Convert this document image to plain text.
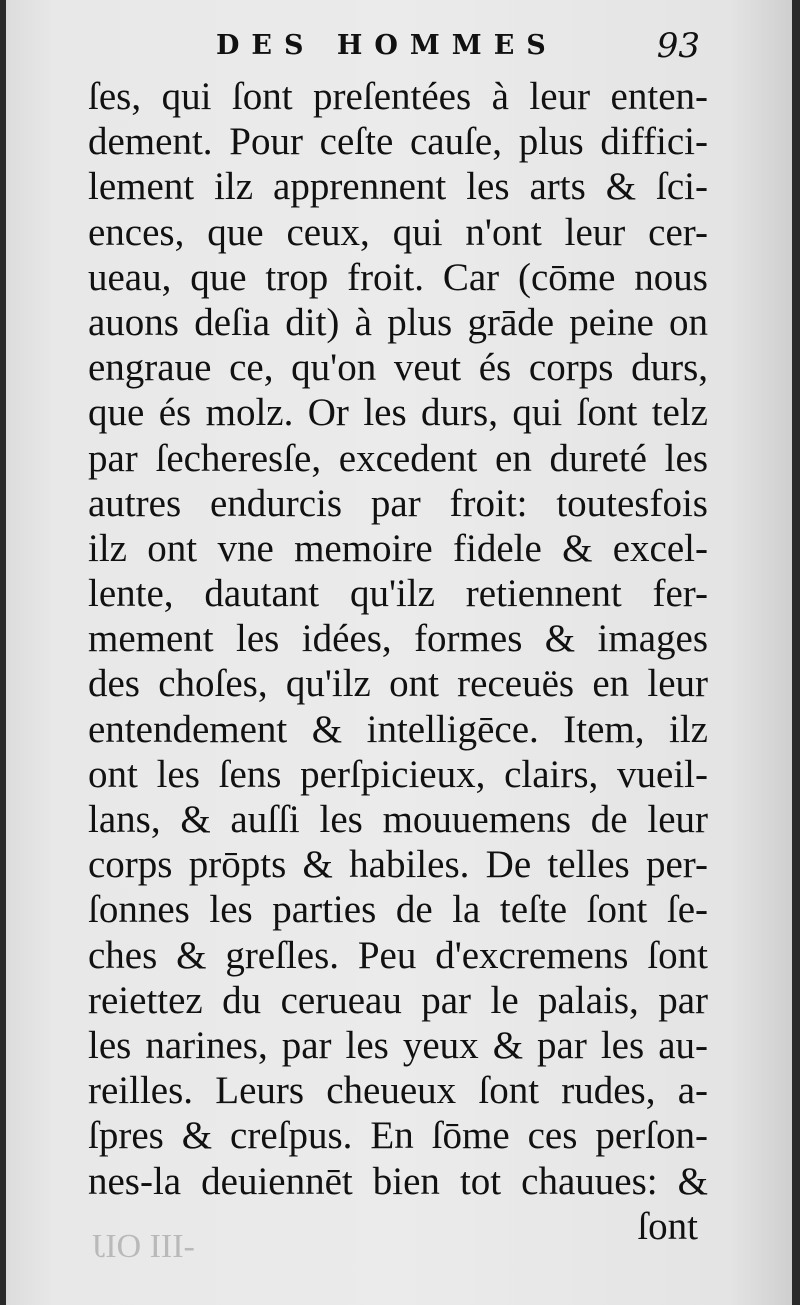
DES HOMMES	93
ſes, qui ſont preſentées à leur enten-
dement. Pour ceſte cauſe, plus diffici-
lement ilz apprennent les arts & ſci-
ences, que ceux, qui n'ont leur cer-
ueau, que trop froit. Car (cōme nous
auons deſia dit) à plus grāde peine on
engraue ce, qu'on veut és corps durs,
que és molz. Or les durs, qui ſont telz
par ſecheresſe, excedent en dureté les
autres endurcis par froit: toutesfois
ilz ont vne memoire fidele & excel-
lente, dautant qu'ilz retiennent fer-
mement les idées, formes & images
des choſes, qu'ilz ont receuës en leur
entendement & intelligēce. Item, ilz
ont les ſens perſpicieux, clairs, vueil-
lans, & auſſi les mouuemens de leur
corps prōpts & habiles. De telles per-
ſonnes les parties de la teſte ſont ſe-
ches & greſles. Peu d'excremens ſont
reiettez du cerueau par le palais, par
les narines, par les yeux & par les au-
reilles. Leurs cheueux ſont rudes, a-
ſpres & creſpus. En ſōme ces perſon-
nes-la deuiennēt bien tot chauues: &
ſont
-III OIJ
